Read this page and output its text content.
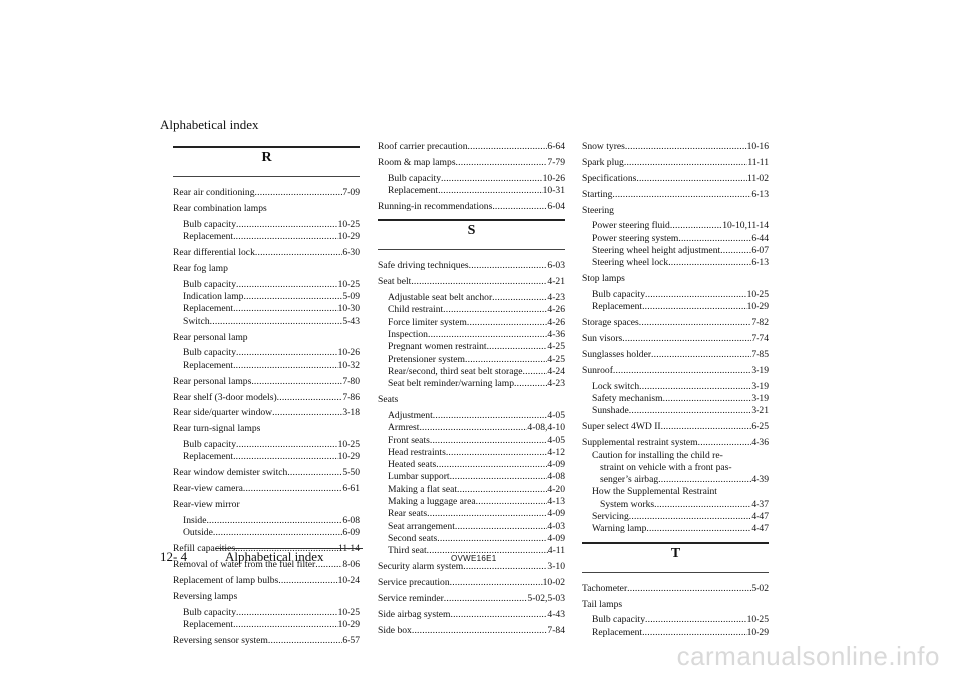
Alphabetical index
R
Rear air conditioning .....	7-09
Rear combination lamps
Bulb capacity .....	10-25
Replacement .....	10-29
Rear differential lock .....	6-30
Rear fog lamp
Bulb capacity .....	10-25
Indication lamp .....	5-09
Replacement .....	10-30
Switch .....	5-43
Rear personal lamp
Bulb capacity .....	10-26
Replacement .....	10-32
Rear personal lamps .....	7-80
Rear shelf (3-door models) .....	7-86
Rear side/quarter window .....	3-18
Rear turn-signal lamps
Bulb capacity .....	10-25
Replacement .....	10-29
Rear window demister switch .....	5-50
Rear-view camera .....	6-61
Rear-view mirror
Inside .....	6-08
Outside .....	6-09
Refill capacities .....	11-14
Removal of water from the fuel filter .....	8-06
Replacement of lamp bulbs .....	10-24
Reversing lamps
Bulb capacity .....	10-25
Replacement .....	10-29
Reversing sensor system .....	6-57
Roof carrier precaution .....	6-64
Room & map lamps .....	7-79
Bulb capacity .....	10-26
Replacement .....	10-31
Running-in recommendations .....	6-04
S
Safe driving techniques .....	6-03
Seat belt .....	4-21
Adjustable seat belt anchor .....	4-23
Child restraint .....	4-26
Force limiter system .....	4-26
Inspection .....	4-36
Pregnant women restraint .....	4-25
Pretensioner system .....	4-25
Rear/second, third seat belt storage .....	4-24
Seat belt reminder/warning lamp .....	4-23
Seats
Adjustment .....	4-05
Armrest .....	4-08,4-10
Front seats .....	4-05
Head restraints .....	4-12
Heated seats .....	4-09
Lumbar support .....	4-08
Making a flat seat .....	4-20
Making a luggage area .....	4-13
Rear seats .....	4-09
Seat arrangement .....	4-03
Second seats .....	4-09
Third seat .....	4-11
Security alarm system .....	3-10
Service precaution .....	10-02
Service reminder .....	5-02,5-03
Side airbag system .....	4-43
Side box .....	7-84
Snow tyres .....	10-16
Spark plug .....	11-11
Specifications .....	11-02
Starting .....	6-13
Steering
Power steering fluid .....	10-10,11-14
Power steering system .....	6-44
Steering wheel height adjustment .....	6-07
Steering wheel lock .....	6-13
Stop lamps
Bulb capacity .....	10-25
Replacement .....	10-29
Storage spaces .....	7-82
Sun visors .....	7-74
Sunglasses holder .....	7-85
Sunroof .....	3-19
Lock switch .....	3-19
Safety mechanism .....	3-19
Sunshade .....	3-21
Super select 4WD II .....	6-25
Supplemental restraint system .....	4-36
Caution for installing the child re-
straint on vehicle with a front pas-
senger’s airbag .....	4-39
How the Supplemental Restraint
System works .....	4-37
Servicing .....	4-47
Warning lamp .....	4-47
T
Tachometer .....	5-02
Tail lamps
Bulb capacity .....	10-25
Replacement .....	10-29
12- 4	Alphabetical index	OVWE16E1
carmanualsonline.info
